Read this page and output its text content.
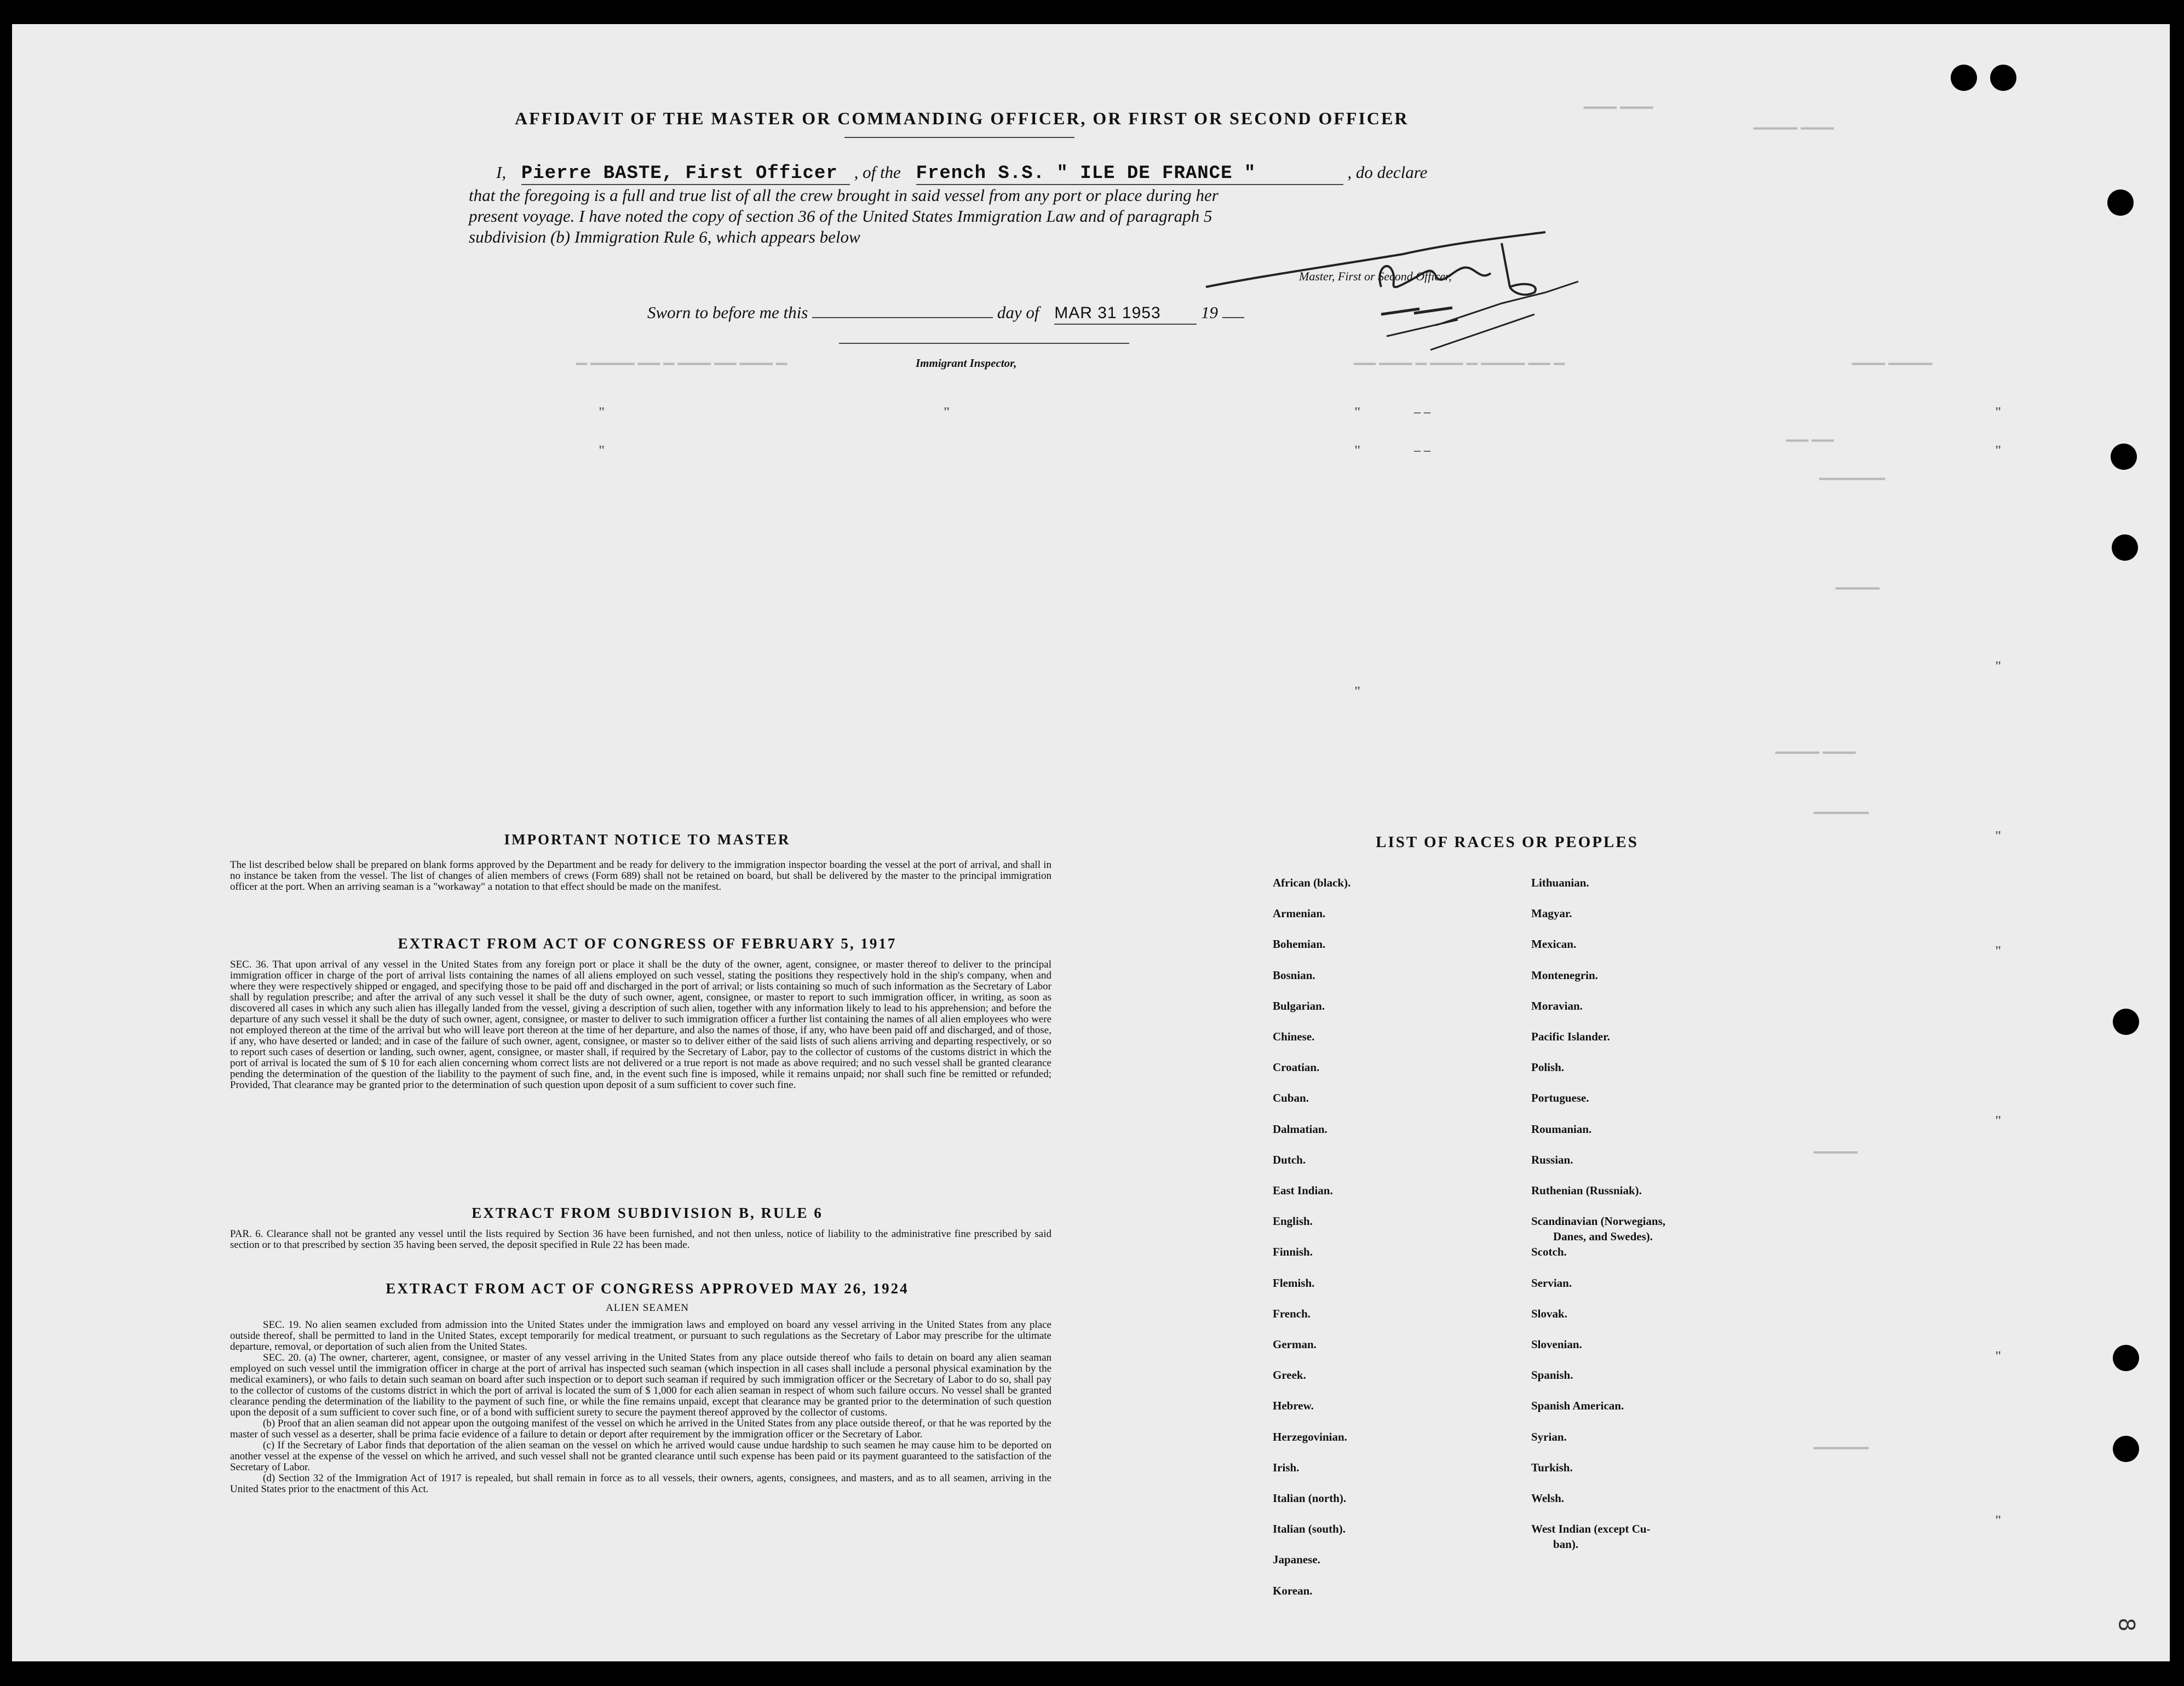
▔▔▔ ▔▔▔
▔▔▔▔ ▔▔▔
▔ ▔▔▔▔ ▔▔ ▔ ▔▔▔ ▔▔ ▔▔▔ ▔	▔▔ ▔▔▔ ▔ ▔▔▔ ▔ ▔▔▔▔ ▔▔ ▔	▔▔▔ ▔▔▔▔
▔▔ ▔▔
▔▔▔▔▔▔
▔▔▔▔
▔▔▔▔ ▔▔▔
▔▔▔▔▔
▔▔▔▔
▔▔▔▔▔
"	"	"	– –	"
"	"	– –	"
"
"
"
"
"
"
"
AFFIDAVIT OF THE MASTER OR COMMANDING OFFICER, OR FIRST OR SECOND OFFICER
I, Pierre BASTE, First Officer , of the French S.S. " ILE DE FRANCE "	, do declare
that the foregoing is a full and true list of all the crew brought in said vessel from any port or place during her
present voyage. I have noted the copy of section 36 of the United States Immigration Law and of paragraph 5
subdivision (b) Immigration Rule 6, which appears below
Master, First or Second Officer,
Sworn to before me this	day of MAR 31 1953 19
Immigrant Inspector,
IMPORTANT NOTICE TO MASTER
The list described below shall be prepared on blank forms approved by the Department and be ready for delivery to the immigration inspector boarding the vessel at the port of arrival, and shall in no instance be taken from the vessel. The list of changes of alien members of crews (Form 689) shall not be retained on board, but shall be delivered by the master to the principal immigration officer at the port. When an arriving seaman is a "workaway" a notation to that effect should be made on the manifest.
EXTRACT FROM ACT OF CONGRESS OF FEBRUARY 5, 1917
SEC. 36. That upon arrival of any vessel in the United States from any foreign port or place it shall be the duty of the owner, agent, consignee, or master thereof to deliver to the principal immigration officer in charge of the port of arrival lists containing the names of all aliens employed on such vessel, stating the positions they respectively hold in the ship's company, when and where they were respectively shipped or engaged, and specifying those to be paid off and discharged in the port of arrival; or lists containing so much of such information as the Secretary of Labor shall by regulation prescribe; and after the arrival of any such vessel it shall be the duty of such owner, agent, consignee, or master to report to such immigration officer, in writing, as soon as discovered all cases in which any such alien has illegally landed from the vessel, giving a description of such alien, together with any information likely to lead to his apprehension; and before the departure of any such vessel it shall be the duty of such owner, agent, consignee, or master to deliver to such immigration officer a further list containing the names of all alien employees who were not employed thereon at the time of the arrival but who will leave port thereon at the time of her departure, and also the names of those, if any, who have been paid off and discharged, and of those, if any, who have deserted or landed; and in case of the failure of such owner, agent, consignee, or master so to deliver either of the said lists of such aliens arriving and departing respectively, or so to report such cases of desertion or landing, such owner, agent, consignee, or master shall, if required by the Secretary of Labor, pay to the collector of customs of the customs district in which the port of arrival is located the sum of $ 10 for each alien concerning whom correct lists are not delivered or a true report is not made as above required; and no such vessel shall be granted clearance pending the determination of the question of the liability to the payment of such fine, and, in the event such fine is imposed, while it remains unpaid; nor shall such fine be remitted or refunded; Provided, That clearance may be granted prior to the determination of such question upon deposit of a sum sufficient to cover such fine.
EXTRACT FROM SUBDIVISION B, RULE 6
PAR. 6. Clearance shall not be granted any vessel until the lists required by Section 36 have been furnished, and not then unless, notice of liability to the administrative fine prescribed by said section or to that prescribed by section 35 having been served, the deposit specified in Rule 22 has been made.
EXTRACT FROM ACT OF CONGRESS APPROVED MAY 26, 1924
ALIEN SEAMEN
SEC. 19. No alien seamen excluded from admission into the United States under the immigration laws and employed on board any vessel arriving in the United States from any place outside thereof, shall be permitted to land in the United States, except temporarily for medical treatment, or pursuant to such regulations as the Secretary of Labor may prescribe for the ultimate departure, removal, or deportation of such alien from the United States.
SEC. 20. (a) The owner, charterer, agent, consignee, or master of any vessel arriving in the United States from any place outside thereof who fails to detain on board any alien seaman employed on such vessel until the immigration officer in charge at the port of arrival has inspected such seaman (which inspection in all cases shall include a personal physical examination by the medical examiners), or who fails to detain such seaman on board after such inspection or to deport such seaman if required by such immigration officer or the Secretary of Labor to do so, shall pay to the collector of customs of the customs district in which the port of arrival is located the sum of $ 1,000 for each alien seaman in respect of whom such failure occurs. No vessel shall be granted clearance pending the determination of the liability to the payment of such fine, or while the fine remains unpaid, except that clearance may be granted prior to the determination of such question upon the deposit of a sum sufficient to cover such fine, or of a bond with sufficient surety to secure the payment thereof approved by the collector of customs.
(b) Proof that an alien seaman did not appear upon the outgoing manifest of the vessel on which he arrived in the United States from any place outside thereof, or that he was reported by the master of such vessel as a deserter, shall be prima facie evidence of a failure to detain or deport after requirement by the immigration officer or the Secretary of Labor.
(c) If the Secretary of Labor finds that deportation of the alien seaman on the vessel on which he arrived would cause undue hardship to such seamen he may cause him to be deported on another vessel at the expense of the vessel on which he arrived, and such vessel shall not be granted clearance until such expense has been paid or its payment guaranteed to the satisfaction of the Secretary of Labor.
(d) Section 32 of the Immigration Act of 1917 is repealed, but shall remain in force as to all vessels, their owners, agents, consignees, and masters, and as to all seamen, arriving in the United States prior to the enactment of this Act.
LIST OF RACES OR PEOPLES
African (black).
Armenian.
Bohemian.
Bosnian.
Bulgarian.
Chinese.
Croatian.
Cuban.
Dalmatian.
Dutch.
East Indian.
English.
Finnish.
Flemish.
French.
German.
Greek.
Hebrew.
Herzegovinian.
Irish.
Italian (north).
Italian (south).
Japanese.
Korean.
Lithuanian.
Magyar.
Mexican.
Montenegrin.
Moravian.
Pacific Islander.
Polish.
Portuguese.
Roumanian.
Russian.
Ruthenian (Russniak).
Scandinavian (Norwegians,
Danes, and Swedes).
Scotch.
Servian.
Slovak.
Slovenian.
Spanish.
Spanish American.
Syrian.
Turkish.
Welsh.
West Indian (except Cu-
ban).
8
